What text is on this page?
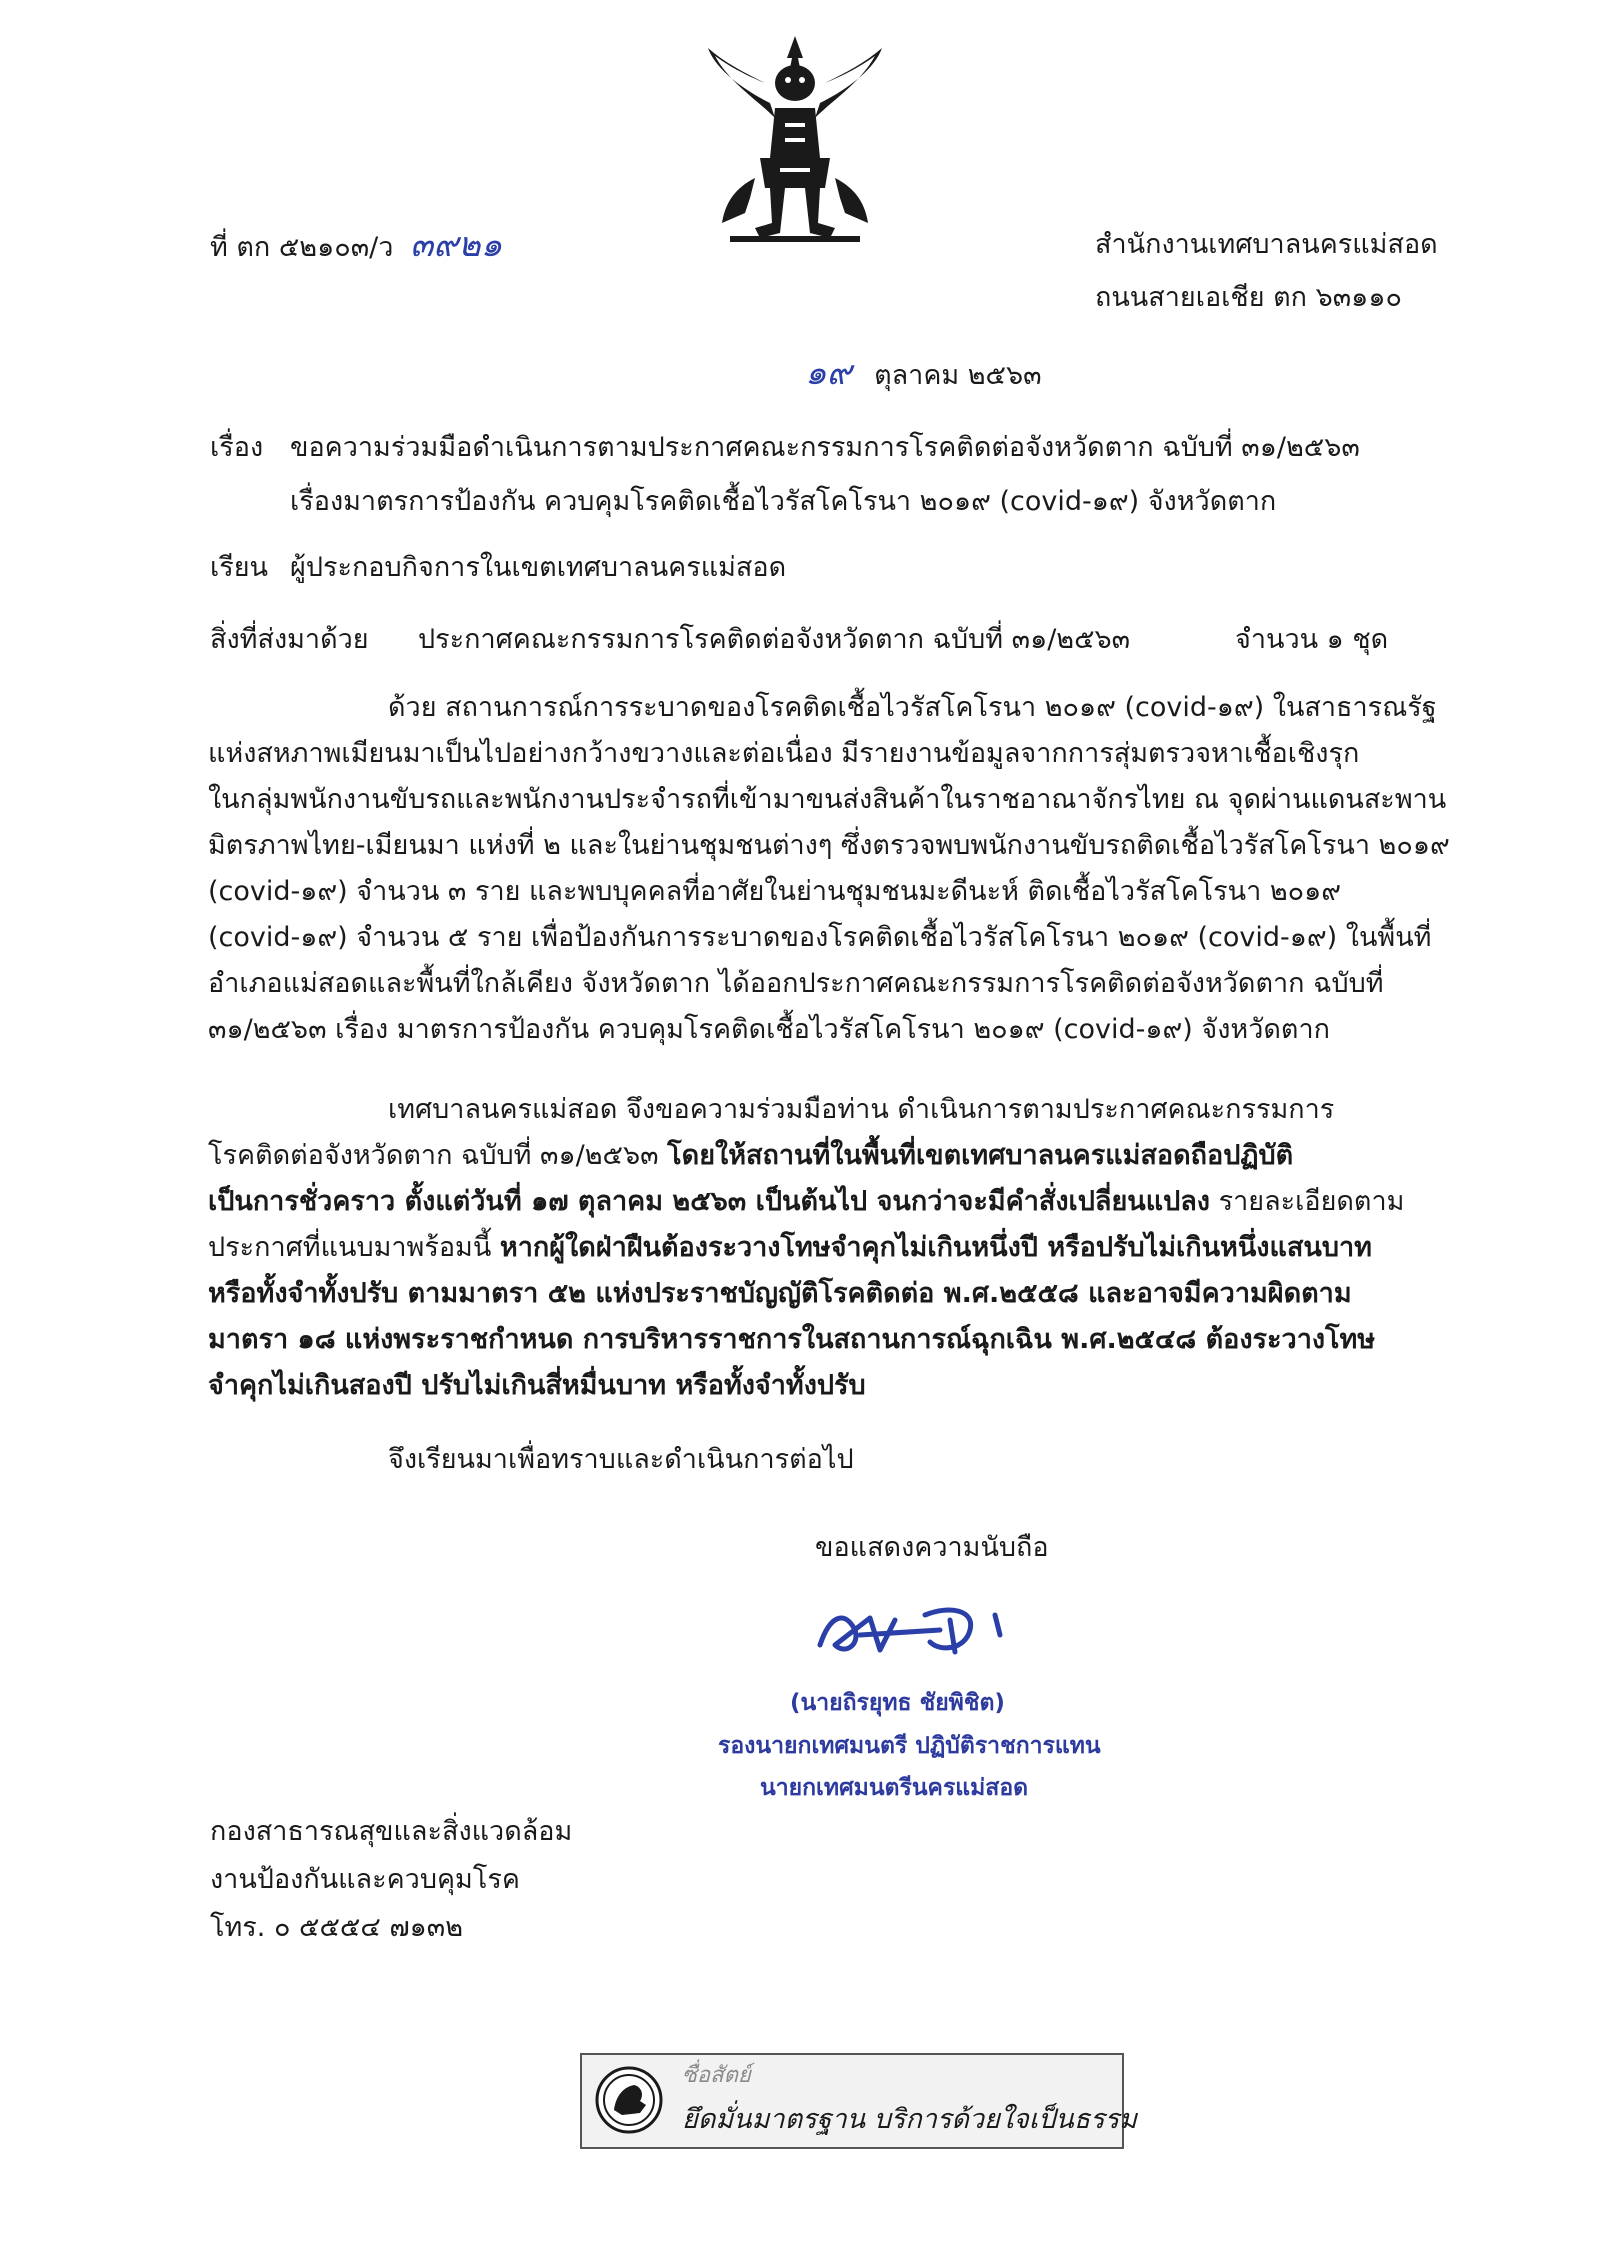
ที่ ตก ๕๒๑๐๓/ว ๓๙๒๑	สำนักงานเทศบาลนครแม่สอด
ถนนสายเอเชีย ตก ๖๓๑๑๐
๑๙ ตุลาคม ๒๕๖๓
เรื่อง ขอความร่วมมือดำเนินการตามประกาศคณะกรรมการโรคติดต่อจังหวัดตาก ฉบับที่ ๓๑/๒๕๖๓
เรื่องมาตรการป้องกัน ควบคุมโรคติดเชื้อไวรัสโคโรนา ๒๐๑๙ (covid-๑๙) จังหวัดตาก
เรียน ผู้ประกอบกิจการในเขตเทศบาลนครแม่สอด
สิ่งที่ส่งมาด้วย ประกาศคณะกรรมการโรคติดต่อจังหวัดตาก ฉบับที่ ๓๑/๒๕๖๓	จำนวน ๑ ชุด
ด้วย สถานการณ์การระบาดของโรคติดเชื้อไวรัสโคโรนา ๒๐๑๙ (covid-๑๙) ในสาธารณรัฐ
แห่งสหภาพเมียนมาเป็นไปอย่างกว้างขวางและต่อเนื่อง มีรายงานข้อมูลจากการสุ่มตรวจหาเชื้อเชิงรุก
ในกลุ่มพนักงานขับรถและพนักงานประจำรถที่เข้ามาขนส่งสินค้าในราชอาณาจักรไทย ณ จุดผ่านแดนสะพาน
มิตรภาพไทย-เมียนมา แห่งที่ ๒ และในย่านชุมชนต่างๆ ซึ่งตรวจพบพนักงานขับรถติดเชื้อไวรัสโคโรนา ๒๐๑๙
(covid-๑๙) จำนวน ๓ ราย และพบบุคคลที่อาศัยในย่านชุมชนมะดีนะห์ ติดเชื้อไวรัสโคโรนา ๒๐๑๙
(covid-๑๙) จำนวน ๕ ราย เพื่อป้องกันการระบาดของโรคติดเชื้อไวรัสโคโรนา ๒๐๑๙ (covid-๑๙) ในพื้นที่
อำเภอแม่สอดและพื้นที่ใกล้เคียง จังหวัดตาก ได้ออกประกาศคณะกรรมการโรคติดต่อจังหวัดตาก ฉบับที่
๓๑/๒๕๖๓ เรื่อง มาตรการป้องกัน ควบคุมโรคติดเชื้อไวรัสโคโรนา ๒๐๑๙ (covid-๑๙) จังหวัดตาก
เทศบาลนครแม่สอด จึงขอความร่วมมือท่าน ดำเนินการตามประกาศคณะกรรมการ
โรคติดต่อจังหวัดตาก ฉบับที่ ๓๑/๒๕๖๓ โดยให้สถานที่ในพื้นที่เขตเทศบาลนครแม่สอดถือปฏิบัติ
เป็นการชั่วคราว ตั้งแต่วันที่ ๑๗ ตุลาคม ๒๕๖๓ เป็นต้นไป จนกว่าจะมีคำสั่งเปลี่ยนแปลง รายละเอียดตาม
ประกาศที่แนบมาพร้อมนี้ หากผู้ใดฝ่าฝืนต้องระวางโทษจำคุกไม่เกินหนึ่งปี หรือปรับไม่เกินหนึ่งแสนบาท
หรือทั้งจำทั้งปรับ ตามมาตรา ๕๒ แห่งประราชบัญญัติโรคติดต่อ พ.ศ.๒๕๕๘ และอาจมีความผิดตาม
มาตรา ๑๘ แห่งพระราชกำหนด การบริหารราชการในสถานการณ์ฉุกเฉิน พ.ศ.๒๕๔๘ ต้องระวางโทษ
จำคุกไม่เกินสองปี ปรับไม่เกินสี่หมื่นบาท หรือทั้งจำทั้งปรับ
จึงเรียนมาเพื่อทราบและดำเนินการต่อไป
ขอแสดงความนับถือ
(นายถิรยุทธ ชัยพิชิต)
รองนายกเทศมนตรี ปฏิบัติราชการแทน
นายกเทศมนตรีนครแม่สอด
กองสาธารณสุขและสิ่งแวดล้อม
งานป้องกันและควบคุมโรค
โทร. ๐ ๕๕๕๔ ๗๑๓๒
ซื่อสัตย์
ยึดมั่นมาตรฐาน บริการด้วยใจเป็นธรรม
